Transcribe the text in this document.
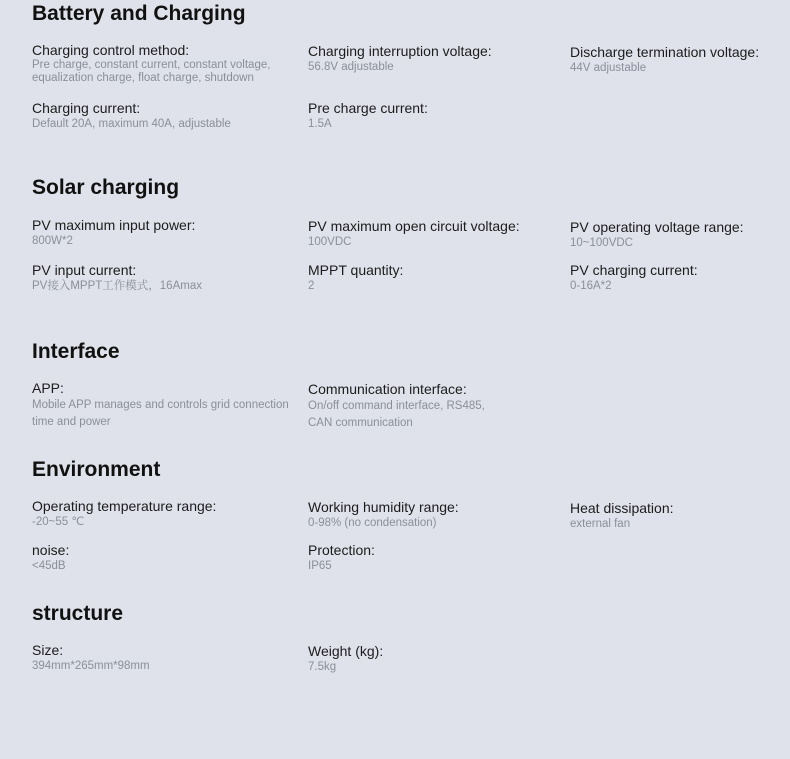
Battery and Charging
Charging control method:
Pre charge, constant current, constant voltage, equalization charge, float charge, shutdown
Charging interruption voltage:
56.8V adjustable
Discharge termination voltage:
44V adjustable
Charging current:
Default 20A, maximum 40A, adjustable
Pre charge current:
1.5A
Solar charging
PV maximum input power:
800W*2
PV maximum open circuit voltage:
100VDC
PV operating voltage range:
10~100VDC
PV input current:
PV接入MPPT工作模式，16Amax
MPPT quantity:
2
PV charging current:
0-16A*2
Interface
APP:
Mobile APP manages and controls grid connection time and power
Communication interface:
On/off command interface, RS485, CAN communication
Environment
Operating temperature range:
-20~55 ℃
Working humidity range:
0-98% (no condensation)
Heat dissipation:
external fan
noise:
<45dB
Protection:
IP65
structure
Size:
394mm*265mm*98mm
Weight (kg):
7.5kg
